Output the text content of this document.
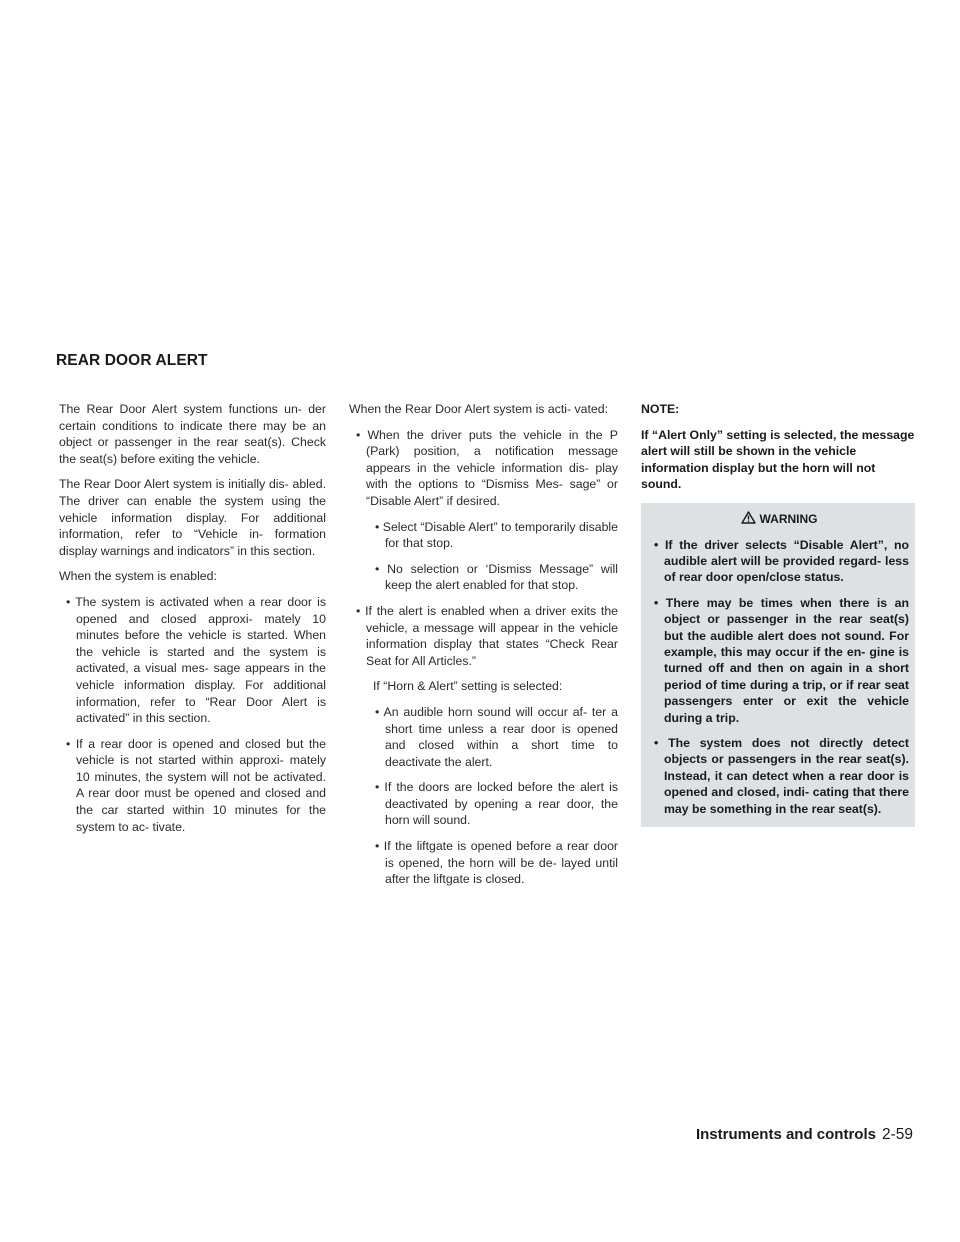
REAR DOOR ALERT

The Rear Door Alert system functions un- der certain conditions to indicate there may be an object or passenger in the rear seat(s). Check the seat(s) before exiting the vehicle.

The Rear Door Alert system is initially dis- abled. The driver can enable the system using the vehicle information display. For additional information, refer to “Vehicle in- formation display warnings and indicators” in this section.

When the system is enabled:

• The system is activated when a rear door is opened and closed approxi- mately 10 minutes before the vehicle is started. When the vehicle is started and the system is activated, a visual mes- sage appears in the vehicle information display. For additional information, refer to “Rear Door Alert is activated” in this section.
• If a rear door is opened and closed but the vehicle is not started within approxi- mately 10 minutes, the system will not be activated. A rear door must be opened and closed and the car started within 10 minutes for the system to ac- tivate.

When the Rear Door Alert system is acti- vated:

• When the driver puts the vehicle in the P (Park) position, a notification message appears in the vehicle information dis- play with the options to “Dismiss Mes- sage” or “Disable Alert” if desired.
• Select “Disable Alert” to temporarily disable for that stop.
• No selection or ‘Dismiss Message” will keep the alert enabled for that stop.
• If the alert is enabled when a driver exits the vehicle, a message will appear in the vehicle information display that states “Check Rear Seat for All Articles.”
If “Horn & Alert” setting is selected:
• An audible horn sound will occur af- ter a short time unless a rear door is opened and closed within a short time to deactivate the alert.
• If the doors are locked before the alert is deactivated by opening a rear door, the horn will sound.
• If the liftgate is opened before a rear door is opened, the horn will be de- layed until after the liftgate is closed.

NOTE:

If “Alert Only” setting is selected, the message alert will still be shown in the vehicle information display but the horn will not sound.

WARNING
• If the driver selects “Disable Alert”, no audible alert will be provided regard- less of rear door open/close status.
• There may be times when there is an object or passenger in the rear seat(s) but the audible alert does not sound. For example, this may occur if the en- gine is turned off and then on again in a short period of time during a trip, or if rear seat passengers enter or exit the vehicle during a trip.
• The system does not directly detect objects or passengers in the rear seat(s). Instead, it can detect when a rear door is opened and closed, indi- cating that there may be something in the rear seat(s).
Instruments and controls 2-59
